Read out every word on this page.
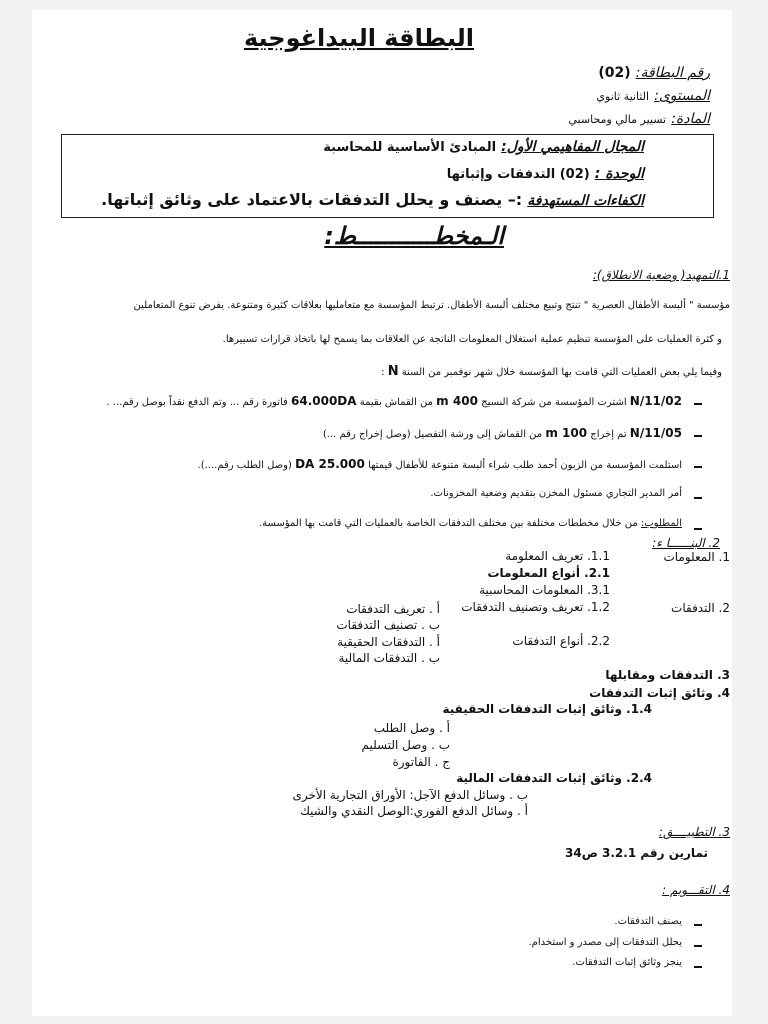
البطاقة البيداغوجية
رقم البطاقة: (02)
المستوى: الثانية ثانوي
المادة: تسيير مالي ومحاسبي
المجال المفاهيمي الأول: المبادئ الأساسية للمحاسبة
الوحدة : (02) التدفقات وإثباتها
الكفاءات المستهدفة :– يصنف و يحلل التدفقات بالاعتماد على وثائق إثباتها.
الـمخطـــــــــــط:
1.التمهيد( وضعية الانطلاق):
مؤسسة " ألبسة الأطفال العصرية " تنتج وتبيع مختلف ألبسة الأطفال. ترتبط المؤسسة مع متعامليها بعلاقات كثيرة ومتنوعة. يفرض تنوع المتعاملين
و كثرة العمليات على المؤسسة تنظيم عملية استغلال المعلومات الناتجة عن العلاقات بما يسمح لها باتخاذ قرارات تسييرها.
وفيما يلي بعض العمليات التي قامت بها المؤسسة خلال شهر نوفمبر من السنة N :
N/11/02 اشترت المؤسسة من شركة النسيج 400 m من القماش بقيمة 64.000DA فاتورة رقم ... وتم الدفع نقداً بوصل رقم... .
N/11/05 تم إخراج 100 m من القماش إلى ورشة التفصيل (وصل إخراج رقم ...)
استلمت المؤسسة من الزبون أحمد طلب شراء ألبسة متنوعة للأطفال قيمتها 25.000 DA (وصل الطلب رقم....).
أمر المدير التجاري مسئول المخزن بتقديم وضعية المخزونات.
المطلوب: من خلال مخططات مختلفة بين مختلف التدفقات الخاصة بالعمليات التي قامت بها المؤسسة.
2. البنــــــا ء:
1. المعلومات
1.1. تعريف المعلومة
2.1. أنواع المعلومات
3.1. المعلومات المحاسبية
2. التدفقات
1.2. تعريف وتصنيف التدفقات
أ . تعريف التدفقات
ب . تصنيف التدفقات
2.2. أنواع التدفقات
أ . التدفقات الحقيقية
ب . التدفقات المالية
3. التدفقات ومقابلها
4. وثائق إثبات التدفقات
1.4. وثائق إثبات التدفقات الحقيقية
أ . وصل الطلب
ب . وصل التسليم
ج . الفاتورة
2.4. وثائق إثبات التدفقات المالية
ب . وسائل الدفع الآجل: الأوراق التجارية الأخرى
أ . وسائل الدفع الفوري:الوصل النقدي والشيك
3. التطبيــــق:
تمارين رقم 3.2.1 ص34
4. التقـــويم :
يصنف التدفقات.
يحلل التدفقات إلى مصدر و استخدام.
ينجز وثائق إثبات التدفقات.
